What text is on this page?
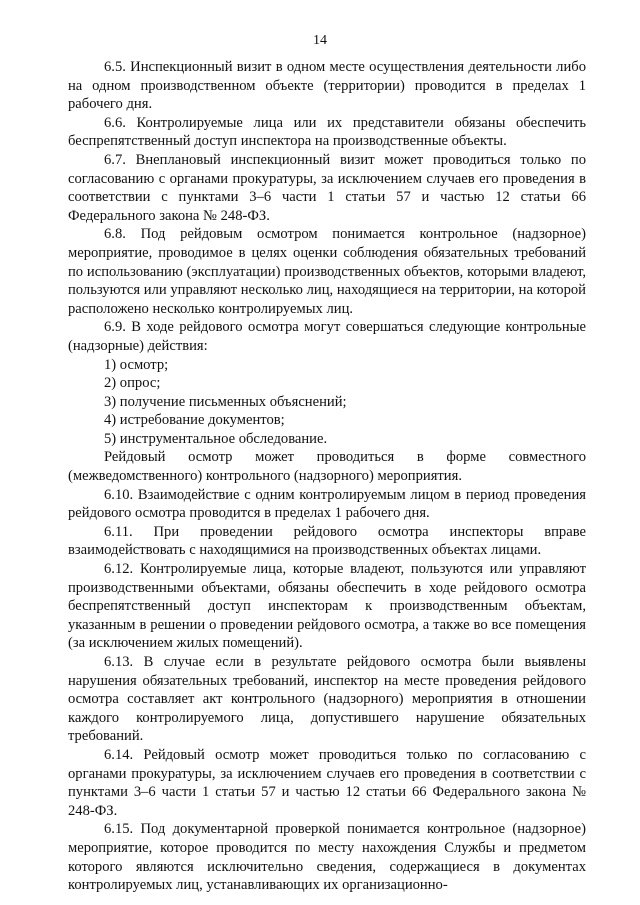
14

6.5. Инспекционный визит в одном месте осуществления деятельности либо на одном производственном объекте (территории) проводится в пределах 1 рабочего дня.

6.6. Контролируемые лица или их представители обязаны обеспечить беспрепятственный доступ инспектора на производственные объекты.

6.7. Внеплановый инспекционный визит может проводиться только по согласованию с органами прокуратуры, за исключением случаев его проведения в соответствии с пунктами 3–6 части 1 статьи 57 и частью 12 статьи 66 Федерального закона № 248-ФЗ.

6.8. Под рейдовым осмотром понимается контрольное (надзорное) мероприятие, проводимое в целях оценки соблюдения обязательных требований по использованию (эксплуатации) производственных объектов, которыми владеют, пользуются или управляют несколько лиц, находящиеся на территории, на которой расположено несколько контролируемых лиц.

6.9. В ходе рейдового осмотра могут совершаться следующие контрольные (надзорные) действия:

1) осмотр;

2) опрос;

3) получение письменных объяснений;

4) истребование документов;

5) инструментальное обследование.

Рейдовый осмотр может проводиться в форме совместного (межведомственного) контрольного (надзорного) мероприятия.

6.10. Взаимодействие с одним контролируемым лицом в период проведения рейдового осмотра проводится в пределах 1 рабочего дня.

6.11. При проведении рейдового осмотра инспекторы вправе взаимодействовать с находящимися на производственных объектах лицами.

6.12. Контролируемые лица, которые владеют, пользуются или управляют производственными объектами, обязаны обеспечить в ходе рейдового осмотра беспрепятственный доступ инспекторам к производственным объектам, указанным в решении о проведении рейдового осмотра, а также во все помещения (за исключением жилых помещений).

6.13. В случае если в результате рейдового осмотра были выявлены нарушения обязательных требований, инспектор на месте проведения рейдового осмотра составляет акт контрольного (надзорного) мероприятия в отношении каждого контролируемого лица, допустившего нарушение обязательных требований.

6.14. Рейдовый осмотр может проводиться только по согласованию с органами прокуратуры, за исключением случаев его проведения в соответствии с пунктами 3–6 части 1 статьи 57 и частью 12 статьи 66 Федерального закона № 248-ФЗ.

6.15. Под документарной проверкой понимается контрольное (надзорное) мероприятие, которое проводится по месту нахождения Службы и предметом которого являются исключительно сведения, содержащиеся в документах контролируемых лиц, устанавливающих их организационно-
